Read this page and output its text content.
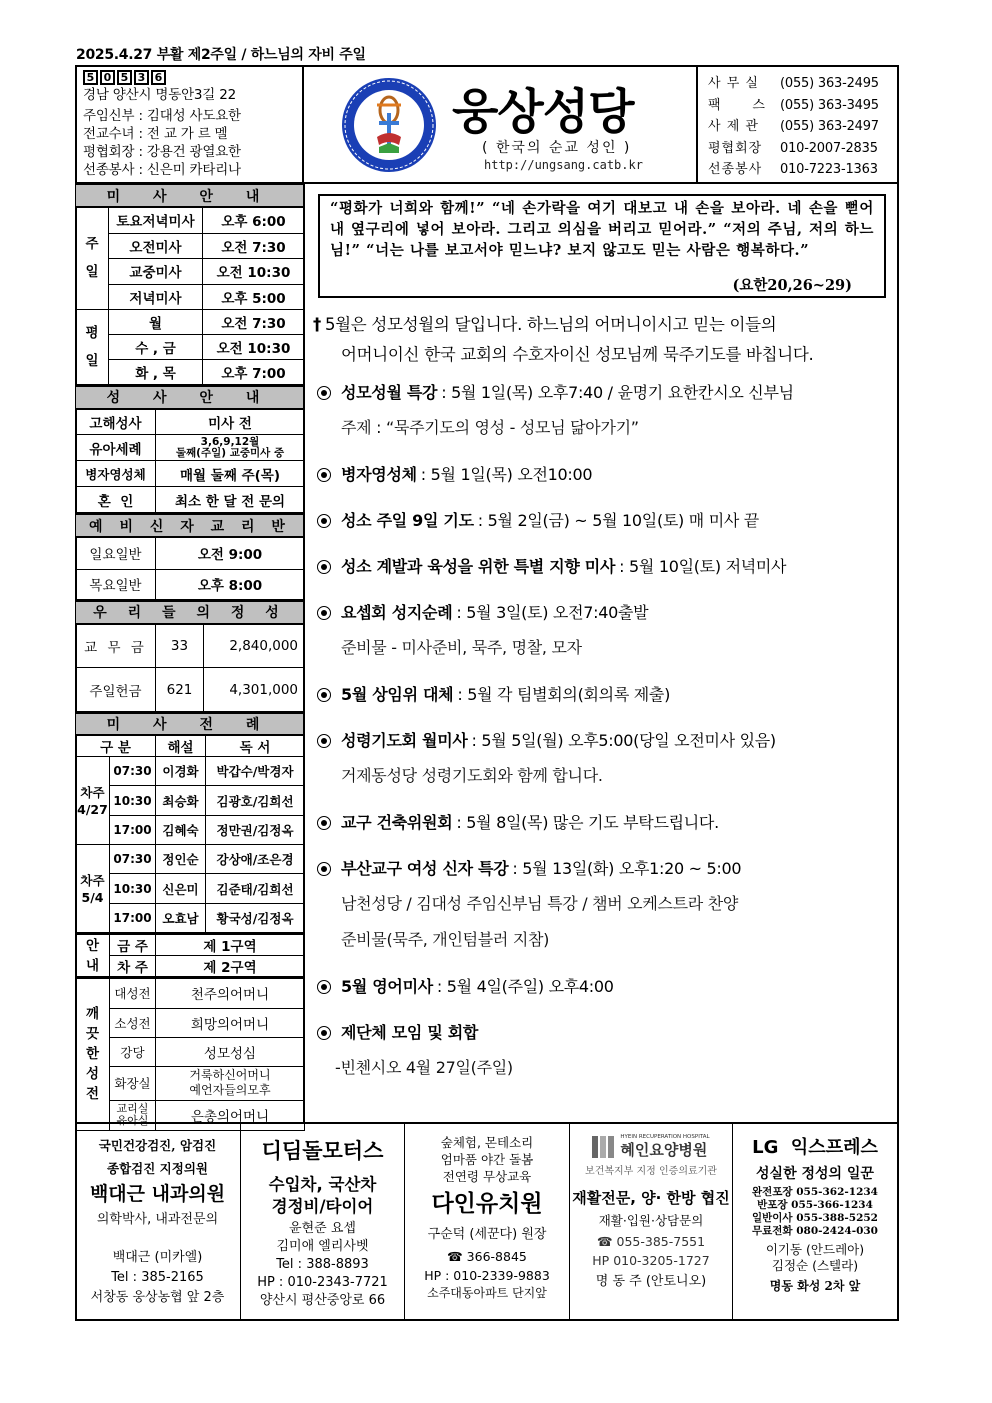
2025.4.27 부활 제2주일 / 하느님의 자비 주일
5 0 5 3 6
경남 양산시 명동안3길 22
주임신부 : 김대성 사도요한
전교수녀 : 전 교 가 르 멜
평협회장 : 강용건 광열요한
선종봉사 : 신은미 카타리나
웅상성당
( 한국의 순교 성인 )
http://ungsang.catb.kr
사 무 실	(055) 363-2495
팩      스	(055) 363-3495
사 제 관	(055) 363-2497
평협회장	010-2007-2835
선종봉사	010-7223-1363
미 사 안 내		
주일	토요저녁미사	오후 6:00
	오전미사	오전 7:30
	교중미사	오전 10:30
	저녁미사	오후 5:00
평일	월	오전 7:30
	수 , 금	오전 10:30
	화 , 목	오후 7:00
성 사 안 내	
고해성사	미사 전
유아세례	3,6,9,12월
둘째(주일) 교중미사 중

병자영성체	매월 둘째 주(목)
혼  인	최소 한 달 전 문의
예 비 신 자 교 리 반	
일요일반	오전 9:00
목요일반	오후 8:00
우 리 들 의 정 성		
교 무 금	33	2,840,000
주일헌금	621	4,301,000
미 사 전 례			
구 분		해설	독 서

차주
4/27	07:30	이경화	박갑수/박경자
	10:30	최승화	김광호/김희선
	17:00	김혜숙	정만권/김정옥

차주
5/4	07:30	정인순	강상애/조은경
	10:30	신은미	김준태/김희선
	17:00	오효남	황국성/김정옥
안
내	금 주	제 1구역
	차 주	제 2구역
깨
끗
한
성
전	대성전	천주의어머니
	소성전	희망의어머니
	강당	성모성심
	화장실	거룩하신어머니
예언자들의모후

	교리실
유아실	은총의어머니
“평화가 너희와 함께!” “네 손가락을 여기 대보고 내 손을 보아라. 네 손을 뻗어 내 옆구리에 넣어 보아라. 그리고 의심을 버리고 믿어라.” “저의 주님, 저의 하느님!” “너는 나를 보고서야 믿느냐? 보지 않고도 믿는 사람은 행복하다.”
(요한20,26~29)
† 5월은 성모성월의 달입니다. 하느님의 어머니이시고 믿는 이들의
어머니이신 한국 교회의 수호자이신 성모님께 묵주기도를 바칩니다.
성모성월 특강 : 5월 1일(목) 오후7:40 / 윤명기 요한칸시오 신부님
주제 : “묵주기도의 영성 - 성모님 닮아가기”
병자영성체 : 5월 1일(목) 오전10:00
성소 주일 9일 기도 : 5월 2일(금) ~ 5월 10일(토) 매 미사 끝
성소 계발과 육성을 위한 특별 지향 미사 : 5월 10일(토) 저녁미사
요셉회 성지순례 : 5월 3일(토) 오전7:40출발
준비물 - 미사준비, 묵주, 명찰, 모자
5월 상임위 대체 : 5월 각 팀별회의(회의록 제출)
성령기도회 월미사 : 5월 5일(월) 오후5:00(당일 오전미사 있음)
거제동성당 성령기도회와 함께 합니다.
교구 건축위원회 : 5월 8일(목) 많은 기도 부탁드립니다.
부산교구 여성 신자 특강 : 5월 13일(화) 오후1:20 ~ 5:00
남천성당 / 김대성 주임신부님 특강 / 챔버 오케스트라 찬양
준비물(묵주, 개인텀블러 지참)
5월 영어미사 : 5월 4일(주일) 오후4:00
제단체 모임 및 회합
-빈첸시오 4월 27일(주일)
국민건강검진, 암검진
종합검진 지정의원
백대근 내과의원
의학박사, 내과전문의
백대근 (미카엘)
Tel : 385-2165
서창동 웅상농협 앞 2층
디딤돌모터스
수입차, 국산차
경정비/타이어
윤현준 요셉
김미애 엘리사벳
Tel : 388-8893
HP : 010-2343-7721
양산시 평산중앙로 66
숲체험, 몬테소리
엄마품 야간 돌봄
전연령 무상교육
다인유치원
구순덕 (세꾼다) 원장
☎ 366-8845
HP : 010-2339-9883
소주대동아파트 단지앞
HYEIN RECUPERATION HOSPITAL
혜인요양병원
보건복지부 지정 인증의료기관
재활전문, 양· 한방 협진
재활·입원·상담문의
☎ 055-385-7551
HP 010-3205-1727
명 동 주 (안토니오)
LG  익스프레스
성실한 정성의 일꾼
완전포장 055-362-1234
반포장 055-366-1234
일반이사 055-388-5252
무료전화 080-2424-030
이기동 (안드레아)
김정순 (스텔라)
명동 화성 2차 앞
